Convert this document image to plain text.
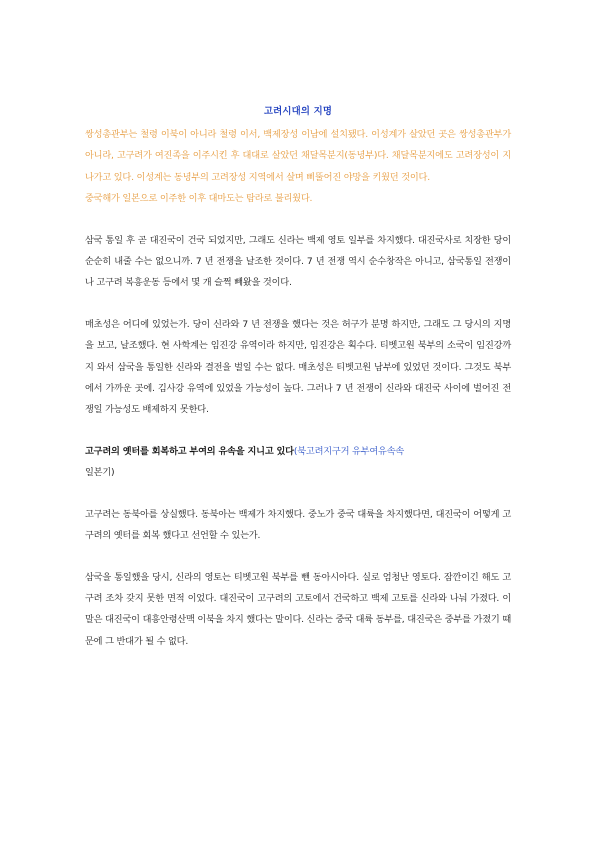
고려시대의 지명

쌍성총관부는 철령 이북이 아니라 철령 이서, 백제장성 이남에 설치됐다. 이성계가 살았던 곳은 쌍성총관부가 아니라, 고구려가 여진족을 이주시킨 후 대대로 살았던 채달목분지(동녕부)다. 채달목분지에도 고려장성이 지나가고 있다. 이성계는 동녕부의 고려장성 지역에서 살며 삐뚤어진 야망을 키웠던 것이다.

중국해가 일본으로 이주한 이후 대마도는 탐라로 불리웠다.

삼국 통일 후 곧 대진국이 건국 되었지만, 그래도 신라는 백제 영토 일부를 차지했다. 대진국사로 치장한 당이 순순히 내줄 수는 없으니까. 7 년 전쟁을 날조한 것이다. 7 년 전쟁 역시 순수창작은 아니고, 삼국통일 전쟁이나 고구려 복흥운동 등에서 몇 개 슬쩍 빼왔을 것이다.

매초성은 어디에 있었는가. 당이 신라와 7 년 전쟁을 했다는 것은 허구가 분명 하지만, 그래도 그 당시의 지명을 보고, 날조했다. 현 사학계는 임진강 유역이라 하지만, 임진강은 획수다. 티벳고원 북부의 소국이 임진강까지 와서 삼국을 통일한 신라와 결전을 벌일 수는 없다. 매초성은 티벳고원 남부에 있었던 것이다. 그것도 북부에서 가까운 곳에. 김사강 유역에 있었을 가능성이 높다. 그러나 7 년 전쟁이 신라와 대진국 사이에 벌어진 전쟁일 가능성도 배제하지 못한다.

고구려의 옛터를 회복하고 부여의 유속을 지니고 있다(북고려지구거 유부여유속속
일본기)

고구려는 동북아를 상실했다. 동북아는 백제가 차지했다. 중노가 중국 대륙을 차지했다면, 대진국이 어떻게 고구려의 옛터를 회복 했다고 선언할 수 있는가.

삼국을 통일했을 당시, 신라의 영토는 티벳고원 북부를 뺀 동아시아다. 실로 엄청난 영토다. 잠깐이긴 해도 고구려 조차 갖지 못한 면적 이었다. 대진국이 고구려의 고토에서 건국하고 백제 고토를 신라와 나눠 가졌다. 이 말은 대진국이 대흥안령산맥 이북을 차지 했다는 말이다. 신라는 중국 대륙 동부를, 대진국은 중부를 가졌기 때문에 그 반대가 될 수 없다.
